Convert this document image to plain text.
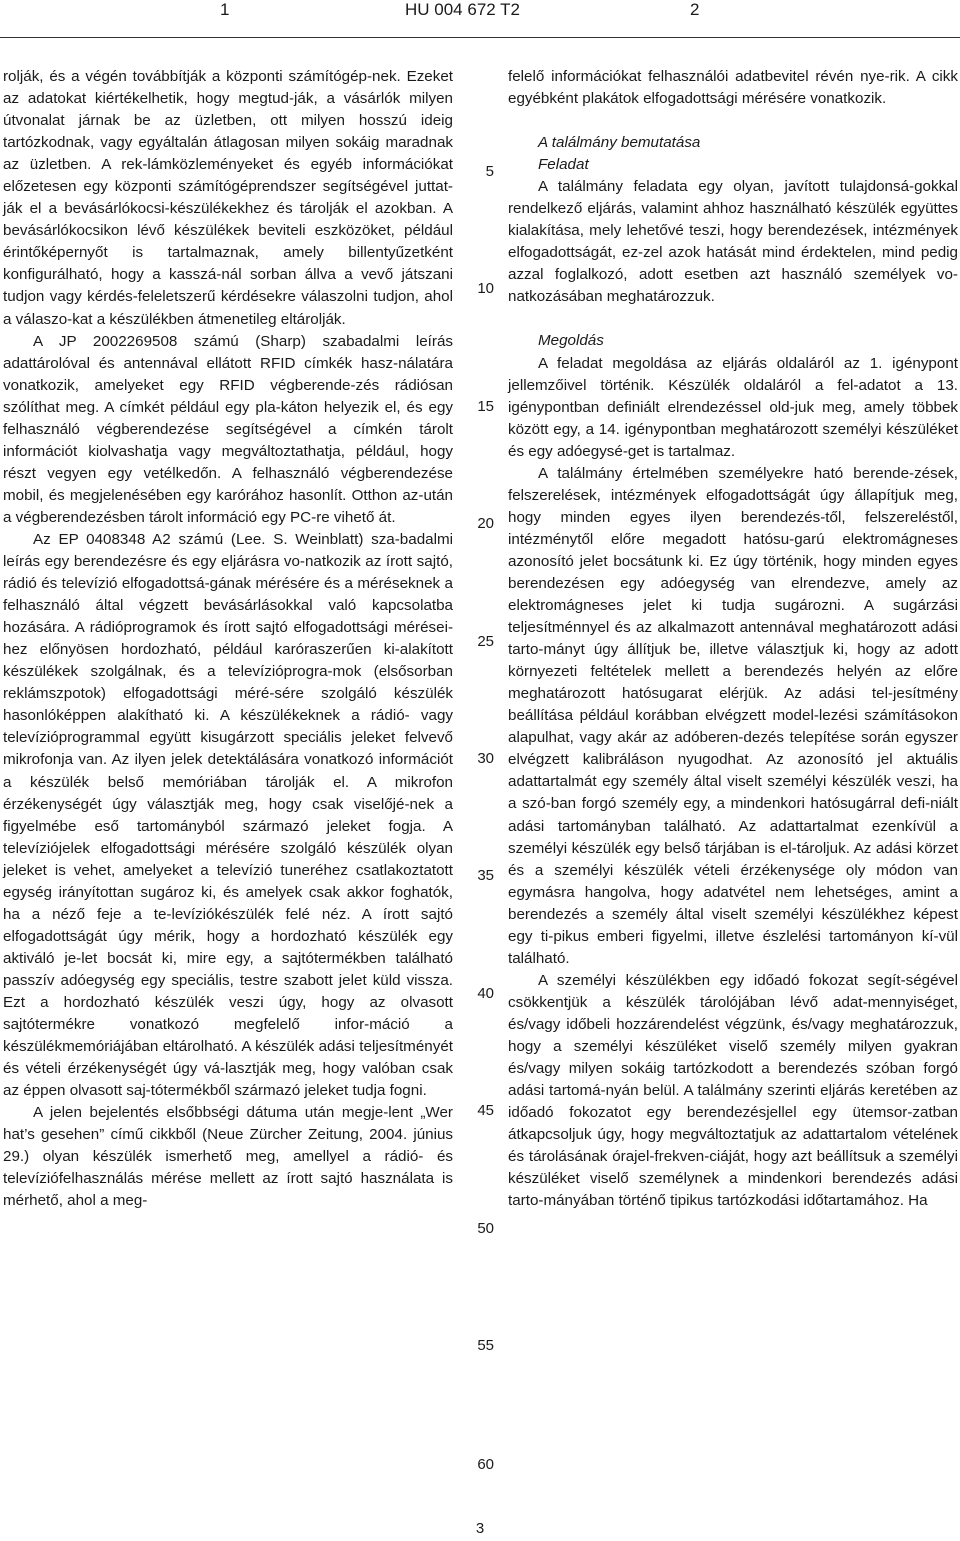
1	HU 004 672 T2	2

rolják, és a végén továbbítják a központi számítógép-nek. Ezeket az adatokat kiértékelhetik, hogy megtud-ják, a vásárlók milyen útvonalat járnak be az üzletben, ott milyen hosszú ideig tartózkodnak, vagy egyáltalán átlagosan milyen sokáig maradnak az üzletben. A rek-lámközleményeket és egyéb információkat előzetesen egy központi számítógéprendszer segítségével juttat-ják el a bevásárlókocsi-készülékekhez és tárolják el azokban. A bevásárlókocsikon lévő készülékek beviteli eszközöket, például érintőképernyőt is tartalmaznak, amely billentyűzetként konfigurálható, hogy a kasszá-nál sorban állva a vevő játszani tudjon vagy kérdés-feleletszerű kérdésekre válaszolni tudjon, ahol a válaszo-kat a készülékben átmenetileg eltárolják.

A JP 2002269508 számú (Sharp) szabadalmi leírás adattárolóval és antennával ellátott RFID címkék hasz-nálatára vonatkozik, amelyeket egy RFID végberende-zés rádiósan szólíthat meg. A címkét például egy pla-káton helyezik el, és egy felhasználó végberendezése segítségével a címkén tárolt információt kiolvashatja vagy megváltoztathatja, például, hogy részt vegyen egy vetélkedőn. A felhasználó végberendezése mobil, és megjelenésében egy karórához hasonlít. Otthon az-után a végberendezésben tárolt információ egy PC-re vihető át.

Az EP 0408348 A2 számú (Lee. S. Weinblatt) sza-badalmi leírás egy berendezésre és egy eljárásra vo-natkozik az írott sajtó, rádió és televízió elfogadottsá-gának mérésére és a méréseknek a felhasználó által végzett bevásárlásokkal való kapcsolatba hozására. A rádióprogramok és írott sajtó elfogadottsági mérései-hez előnyösen hordozható, például karóraszerűen ki-alakított készülékek szolgálnak, és a televízióprogra-mok (elsősorban reklámszpotok) elfogadottsági méré-sére szolgáló készülék hasonlóképpen alakítható ki. A készülékeknek a rádió- vagy televízióprogrammal együtt kisugárzott speciális jeleket felvevő mikrofonja van. Az ilyen jelek detektálására vonatkozó információt a készülék belső memóriában tárolják el. A mikrofon érzékenységét úgy választják meg, hogy csak viselőjé-nek a figyelmébe eső tartományból származó jeleket fogja. A televíziójelek elfogadottsági mérésére szolgáló készülék olyan jeleket is vehet, amelyeket a televízió tuneréhez csatlakoztatott egység irányítottan sugároz ki, és amelyek csak akkor foghatók, ha a néző feje a te-levíziókészülék felé néz. A írott sajtó elfogadottságát úgy mérik, hogy a hordozható készülék egy aktiváló je-let bocsát ki, mire egy, a sajtótermékben található passzív adóegység egy speciális, testre szabott jelet küld vissza. Ezt a hordozható készülék veszi úgy, hogy az olvasott sajtótermékre vonatkozó megfelelő infor-máció a készülékmemóriájában eltárolható. A készülék adási teljesítményét és vételi érzékenységét úgy vá-lasztják meg, hogy valóban csak az éppen olvasott saj-tótermékből származó jeleket tudja fogni.

A jelen bejelentés elsőbbségi dátuma után megje-lent „Wer hat’s gesehen” című cikkből (Neue Zürcher Zeitung, 2004. június 29.) olyan készülék ismerhető meg, amellyel a rádió- és televíziófelhasználás mérése mellett az írott sajtó használata is mérhető, ahol a meg-

5
10
15
20
25
30
35
40
45
50
55
60

felelő információkat felhasználói adatbevitel révén nye-rik. A cikk egyébként plakátok elfogadottsági mérésére vonatkozik.

A találmány bemutatása

Feladat

A találmány feladata egy olyan, javított tulajdonsá-gokkal rendelkező eljárás, valamint ahhoz használható készülék együttes kialakítása, mely lehetővé teszi, hogy berendezések, intézmények elfogadottságát, ez-zel azok hatását mind érdektelen, mind pedig azzal foglalkozó, adott esetben azt használó személyek vo-natkozásában meghatározzuk.

Megoldás

A feladat megoldása az eljárás oldaláról az 1. igénypont jellemzőivel történik. Készülék oldaláról a fel-adatot a 13. igénypontban definiált elrendezéssel old-juk meg, amely többek között egy, a 14. igénypontban meghatározott személyi készüléket és egy adóegysé-get is tartalmaz.

A találmány értelmében személyekre ható berende-zések, felszerelések, intézmények elfogadottságát úgy állapítjuk meg, hogy minden egyes ilyen berendezés-től, felszereléstől, intézménytől előre megadott hatósu-garú elektromágneses azonosító jelet bocsátunk ki. Ez úgy történik, hogy minden egyes berendezésen egy adóegység van elrendezve, amely az elektromágneses jelet ki tudja sugározni. A sugárzási teljesítménnyel és az alkalmazott antennával meghatározott adási tarto-mányt úgy állítjuk be, illetve választjuk ki, hogy az adott környezeti feltételek mellett a berendezés helyén az előre meghatározott hatósugarat elérjük. Az adási tel-jesítmény beállítása például korábban elvégzett model-lezési számításokon alapulhat, vagy akár az adóberen-dezés telepítése során egyszer elvégzett kalibráláson nyugodhat. Az azonosító jel aktuális adattartalmát egy személy által viselt személyi készülék veszi, ha a szó-ban forgó személy egy, a mindenkori hatósugárral defi-niált adási tartományban található. Az adattartalmat ezenkívül a személyi készülék egy belső tárjában is el-tároljuk. Az adási körzet és a személyi készülék vételi érzékenysége oly módon van egymásra hangolva, hogy adatvétel nem lehetséges, amint a berendezés a személy által viselt személyi készülékhez képest egy ti-pikus emberi figyelmi, illetve észlelési tartományon kí-vül található.

A személyi készülékben egy időadó fokozat segít-ségével csökkentjük a készülék tárolójában lévő adat-mennyiséget, és/vagy időbeli hozzárendelést végzünk, és/vagy meghatározzuk, hogy a személyi készüléket viselő személy milyen gyakran és/vagy milyen sokáig tartózkodott a berendezés szóban forgó adási tartomá-nyán belül. A találmány szerinti eljárás keretében az időadó fokozatot egy berendezésjellel egy ütemsor-zatban átkapcsoljuk úgy, hogy megváltoztatjuk az adattartalom vételének és tárolásának órajel-frekven-ciáját, hogy azt beállítsuk a személyi készüléket viselő személynek a mindenkori berendezés adási tarto-mányában történő tipikus tartózkodási időtartamához. Ha

3
